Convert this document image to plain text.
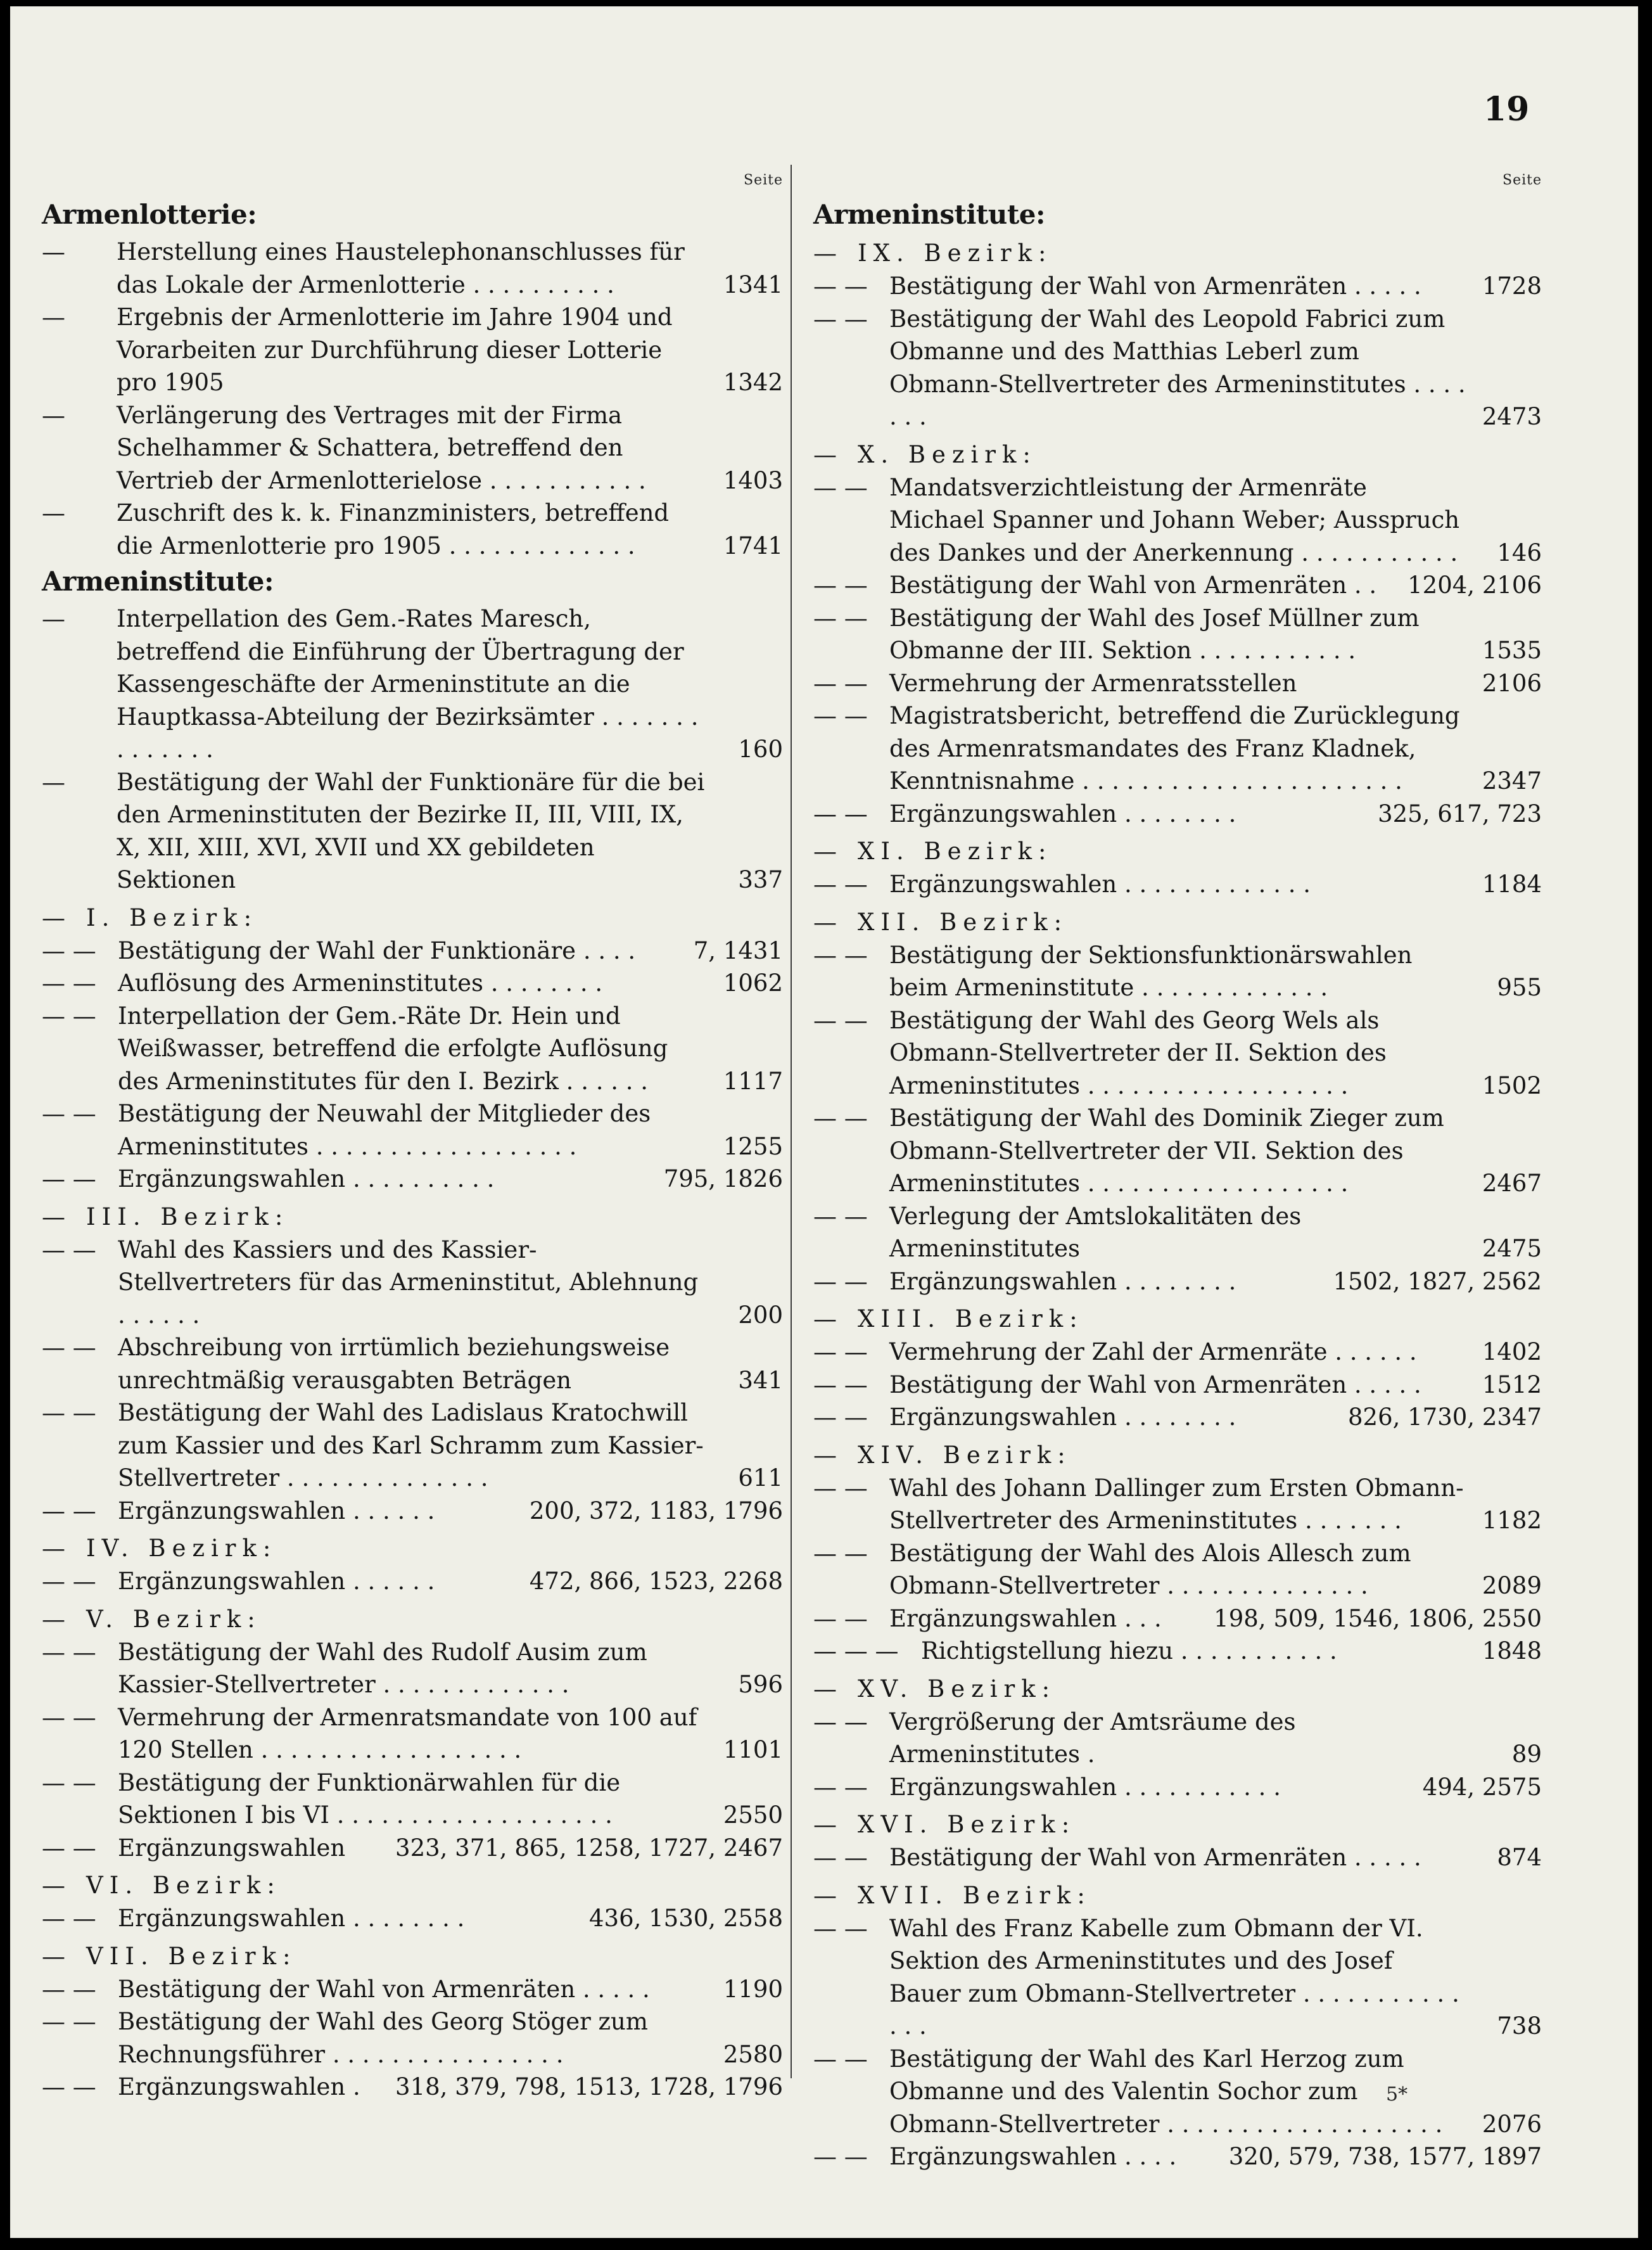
19
Seite
Armenlotterie:
—	Herstellung eines Haustelephonanschlusses für das Lokale der Armenlotterie . . . . . . . . . .	1341
—	Ergebnis der Armenlotterie im Jahre 1904 und Vorarbeiten zur Durchführung dieser Lotterie pro 1905	1342
—	Verlängerung des Vertrages mit der Firma Schelhammer & Schattera, betreffend den Vertrieb der Armenlotterielose . . . . . . . . . . .	1403
—	Zuschrift des k. k. Finanzministers, betreffend die Armenlotterie pro 1905 . . . . . . . . . . . . .	1741
Armeninstitute:
—	Interpellation des Gem.-Rates Maresch, betreffend die Einführung der Übertragung der Kassengeschäfte der Armeninstitute an die Hauptkassa-Abteilung der Bezirksämter . . . . . . . . . . . . . .	160
—	Bestätigung der Wahl der Funktionäre für die bei den Armeninstituten der Bezirke II, III, VIII, IX, X, XII, XIII, XVI, XVII und XX gebildeten Sektionen	337
— I. Bezirk:
— — Bestätigung der Wahl der Funktionäre . . . .	7, 1431
— — Auflösung des Armeninstitutes . . . . . . . .	1062
— — Interpellation der Gem.-Räte Dr. Hein und Weißwasser, betreffend die erfolgte Auflösung des Armeninstitutes für den I. Bezirk . . . . . .	1117
— — Bestätigung der Neuwahl der Mitglieder des Armeninstitutes . . . . . . . . . . . . . . . . . .	1255
— — Ergänzungswahlen . . . . . . . . . .	795, 1826
— III. Bezirk:
— — Wahl des Kassiers und des Kassier-Stellvertreters für das Armeninstitut, Ablehnung . . . . . .	200
— — Abschreibung von irrtümlich beziehungsweise unrechtmäßig verausgabten Beträgen	341
— — Bestätigung der Wahl des Ladislaus Kratochwill zum Kassier und des Karl Schramm zum Kassier-Stellvertreter . . . . . . . . . . . . . .	611
— — Ergänzungswahlen . . . . . .	200, 372, 1183, 1796
— IV. Bezirk:
— — Ergänzungswahlen . . . . . .	472, 866, 1523, 2268
— V. Bezirk:
— — Bestätigung der Wahl des Rudolf Ausim zum Kassier-Stellvertreter . . . . . . . . . . . . .	596
— — Vermehrung der Armenratsmandate von 100 auf 120 Stellen . . . . . . . . . . . . . . . . . .	1101
— — Bestätigung der Funktionärwahlen für die Sektionen I bis VI . . . . . . . . . . . . . . . . . . .	2550
— — Ergänzungswahlen	323, 371, 865, 1258, 1727, 2467
— VI. Bezirk:
— — Ergänzungswahlen . . . . . . . .	436, 1530, 2558
— VII. Bezirk:
— — Bestätigung der Wahl von Armenräten . . . . .	1190
— — Bestätigung der Wahl des Georg Stöger zum Rechnungsführer . . . . . . . . . . . . . . . .	2580
— — Ergänzungswahlen .	318, 379, 798, 1513, 1728, 1796
Seite
Armeninstitute:
— IX. Bezirk:
— — Bestätigung der Wahl von Armenräten . . . . .	1728
— — Bestätigung der Wahl des Leopold Fabrici zum Obmanne und des Matthias Leberl zum Obmann-Stellvertreter des Armeninstitutes . . . . . . .	2473
— X. Bezirk:
— — Mandatsverzichtleistung der Armenräte Michael Spanner und Johann Weber; Ausspruch des Dankes und der Anerkennung . . . . . . . . . . .	146
— — Bestätigung der Wahl von Armenräten . .	1204, 2106
— — Bestätigung der Wahl des Josef Müllner zum Obmanne der III. Sektion . . . . . . . . . . .	1535
— — Vermehrung der Armenratsstellen	2106
— — Magistratsbericht, betreffend die Zurücklegung des Armenratsmandates des Franz Kladnek, Kenntnisnahme . . . . . . . . . . . . . . . . . . . . . .	2347
— — Ergänzungswahlen . . . . . . . .	325, 617, 723
— XI. Bezirk:
— — Ergänzungswahlen . . . . . . . . . . . . .	1184
— XII. Bezirk:
— — Bestätigung der Sektionsfunktionärswahlen beim Armeninstitute . . . . . . . . . . . . .	955
— — Bestätigung der Wahl des Georg Wels als Obmann-Stellvertreter der II. Sektion des Armeninstitutes . . . . . . . . . . . . . . . . . .	1502
— — Bestätigung der Wahl des Dominik Zieger zum Obmann-Stellvertreter der VII. Sektion des Armeninstitutes . . . . . . . . . . . . . . . . . .	2467
— — Verlegung der Amtslokalitäten des Armeninstitutes	2475
— — Ergänzungswahlen . . . . . . . .	1502, 1827, 2562
— XIII. Bezirk:
— — Vermehrung der Zahl der Armenräte . . . . . .	1402
— — Bestätigung der Wahl von Armenräten . . . . .	1512
— — Ergänzungswahlen . . . . . . . .	826, 1730, 2347
— XIV. Bezirk:
— — Wahl des Johann Dallinger zum Ersten Obmann-Stellvertreter des Armeninstitutes . . . . . . .	1182
— — Bestätigung der Wahl des Alois Allesch zum Obmann-Stellvertreter . . . . . . . . . . . . . .	2089
— — Ergänzungswahlen . . .	198, 509, 1546, 1806, 2550
— — — Richtigstellung hiezu . . . . . . . . . . .	1848
— XV. Bezirk:
— — Vergrößerung der Amtsräume des Armeninstitutes .	89
— — Ergänzungswahlen . . . . . . . . . . .	494, 2575
— XVI. Bezirk:
— — Bestätigung der Wahl von Armenräten . . . . .	874
— XVII. Bezirk:
— — Wahl des Franz Kabelle zum Obmann der VI. Sektion des Armeninstitutes und des Josef Bauer zum Obmann-Stellvertreter . . . . . . . . . . . . . .	738
— — Bestätigung der Wahl des Karl Herzog zum Obmanne und des Valentin Sochor zum Obmann-Stellvertreter . . . . . . . . . . . . . . . . . . .	2076
— — Ergänzungswahlen . . . .	320, 579, 738, 1577, 1897
5*
